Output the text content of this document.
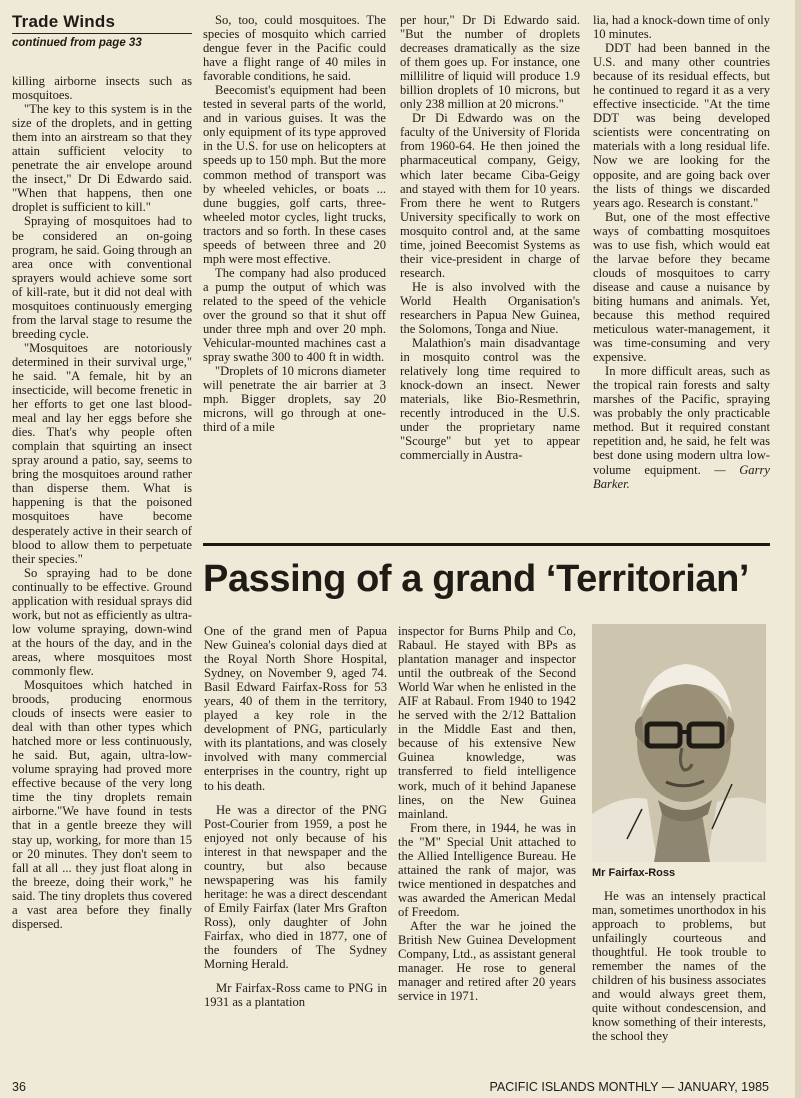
Trade Winds
continued from page 33

killing airborne insects such as mosquitoes.

"The key to this system is in the size of the droplets, and in getting them into an airstream so that they attain sufficient velocity to penetrate the air envelope around the insect," Dr Di Edwardo said. "When that happens, then one droplet is sufficient to kill."

Spraying of mosquitoes had to be considered an on-going program, he said. Going through an area once with conventional sprayers would achieve some sort of kill-rate, but it did not deal with mosquitoes continuously emerging from the larval stage to resume the breeding cycle.

"Mosquitoes are notoriously determined in their survival urge," he said. "A female, hit by an insecticide, will become frenetic in her efforts to get one last blood-meal and lay her eggs before she dies. That's why people often complain that squirting an insect spray around a patio, say, seems to bring the mosquitoes around rather than disperse them. What is happening is that the poisoned mosquitoes have become desperately active in their search of blood to allow them to perpetuate their species."

So spraying had to be done continually to be effective. Ground application with residual sprays did work, but not as efficiently as ultra-low volume spraying, down-wind at the hours of the day, and in the areas, where mosquitoes most commonly flew.

Mosquitoes which hatched in broods, producing enormous clouds of insects were easier to deal with than other types which hatched more or less continuously, he said. But, again, ultra-low-volume spraying had proved more effective because of the very long time the tiny droplets remain airborne."We have found in tests that in a gentle breeze they will stay up, working, for more than 15 or 20 minutes. They don't seem to fall at all ... they just float along in the breeze, doing their work," he said. The tiny droplets thus covered a vast area before they finally dispersed.

So, too, could mosquitoes. The species of mosquito which carried dengue fever in the Pacific could have a flight range of 40 miles in favorable conditions, he said.

Beecomist's equipment had been tested in several parts of the world, and in various guises. It was the only equipment of its type approved in the U.S. for use on helicopters at speeds up to 150 mph. But the more common method of transport was by wheeled vehicles, or boats ... dune buggies, golf carts, three-wheeled motor cycles, light trucks, tractors and so forth. In these cases speeds of between three and 20 mph were most effective.

The company had also produced a pump the output of which was related to the speed of the vehicle over the ground so that it shut off under three mph and over 20 mph. Vehicular-mounted machines cast a spray swathe 300 to 400 ft in width.

"Droplets of 10 microns diameter will penetrate the air barrier at 3 mph. Bigger droplets, say 20 microns, will go through at one-third of a mile

per hour," Dr Di Edwardo said. "But the number of droplets decreases dramatically as the size of them goes up. For instance, one millilitre of liquid will produce 1.9 billion droplets of 10 microns, but only 238 million at 20 microns."

Dr Di Edwardo was on the faculty of the University of Florida from 1960-64. He then joined the pharmaceutical company, Geigy, which later became Ciba-Geigy and stayed with them for 10 years. From there he went to Rutgers University specifically to work on mosquito control and, at the same time, joined Beecomist Systems as their vice-president in charge of research.

He is also involved with the World Health Organisation's researchers in Papua New Guinea, the Solomons, Tonga and Niue.

Malathion's main disadvantage in mosquito control was the relatively long time required to knock-down an insect. Newer materials, like Bio-Resmethrin, recently introduced in the U.S. under the proprietary name "Scourge" but yet to appear commercially in Austra-

lia, had a knock-down time of only 10 minutes.

DDT had been banned in the U.S. and many other countries because of its residual effects, but he continued to regard it as a very effective insecticide. "At the time DDT was being developed scientists were concentrating on materials with a long residual life. Now we are looking for the opposite, and are going back over the lists of things we discarded years ago. Research is constant."

But, one of the most effective ways of combatting mosquitoes was to use fish, which would eat the larvae before they became clouds of mosquitoes to carry disease and cause a nuisance by biting humans and animals. Yet, because this method required meticulous water-management, it was time-consuming and very expensive.

In more difficult areas, such as the tropical rain forests and salty marshes of the Pacific, spraying was probably the only practicable method. But it required constant repetition and, he said, he felt was best done using modern ultra low-volume equipment. — Garry Barker.

Passing of a grand ‘Territorian’

One of the grand men of Papua New Guinea's colonial days died at the Royal North Shore Hospital, Sydney, on November 9, aged 74. Basil Edward Fairfax-Ross for 53 years, 40 of them in the territory, played a key role in the development of PNG, particularly with its plantations, and was closely involved with many commercial enterprises in the country, right up to his death.

He was a director of the PNG Post-Courier from 1959, a post he enjoyed not only because of his interest in that newspaper and the country, but also because newspapering was his family heritage: he was a direct descendant of Emily Fairfax (later Mrs Grafton Ross), only daughter of John Fairfax, who died in 1877, one of the founders of The Sydney Morning Herald.

Mr Fairfax-Ross came to PNG in 1931 as a plantation

inspector for Burns Philp and Co, Rabaul. He stayed with BPs as plantation manager and inspector until the outbreak of the Second World War when he enlisted in the AIF at Rabaul. From 1940 to 1942 he served with the 2/12 Battalion in the Middle East and then, because of his extensive New Guinea knowledge, was transferred to field intelligence work, much of it behind Japanese lines, on the New Guinea mainland.

From there, in 1944, he was in the "M" Special Unit attached to the Allied Intelligence Bureau. He attained the rank of major, was twice mentioned in despatches and was awarded the American Medal of Freedom.

After the war he joined the British New Guinea Development Company, Ltd., as assistant general manager. He rose to general manager and retired after 20 years service in 1971.

Mr Fairfax-Ross

He was an intensely practical man, sometimes unorthodox in his approach to problems, but unfailingly courteous and thoughtful. He took trouble to remember the names of the children of his business associates and would always greet them, quite without condescension, and know something of their interests, the school they

36	PACIFIC ISLANDS MONTHLY — JANUARY, 1985
